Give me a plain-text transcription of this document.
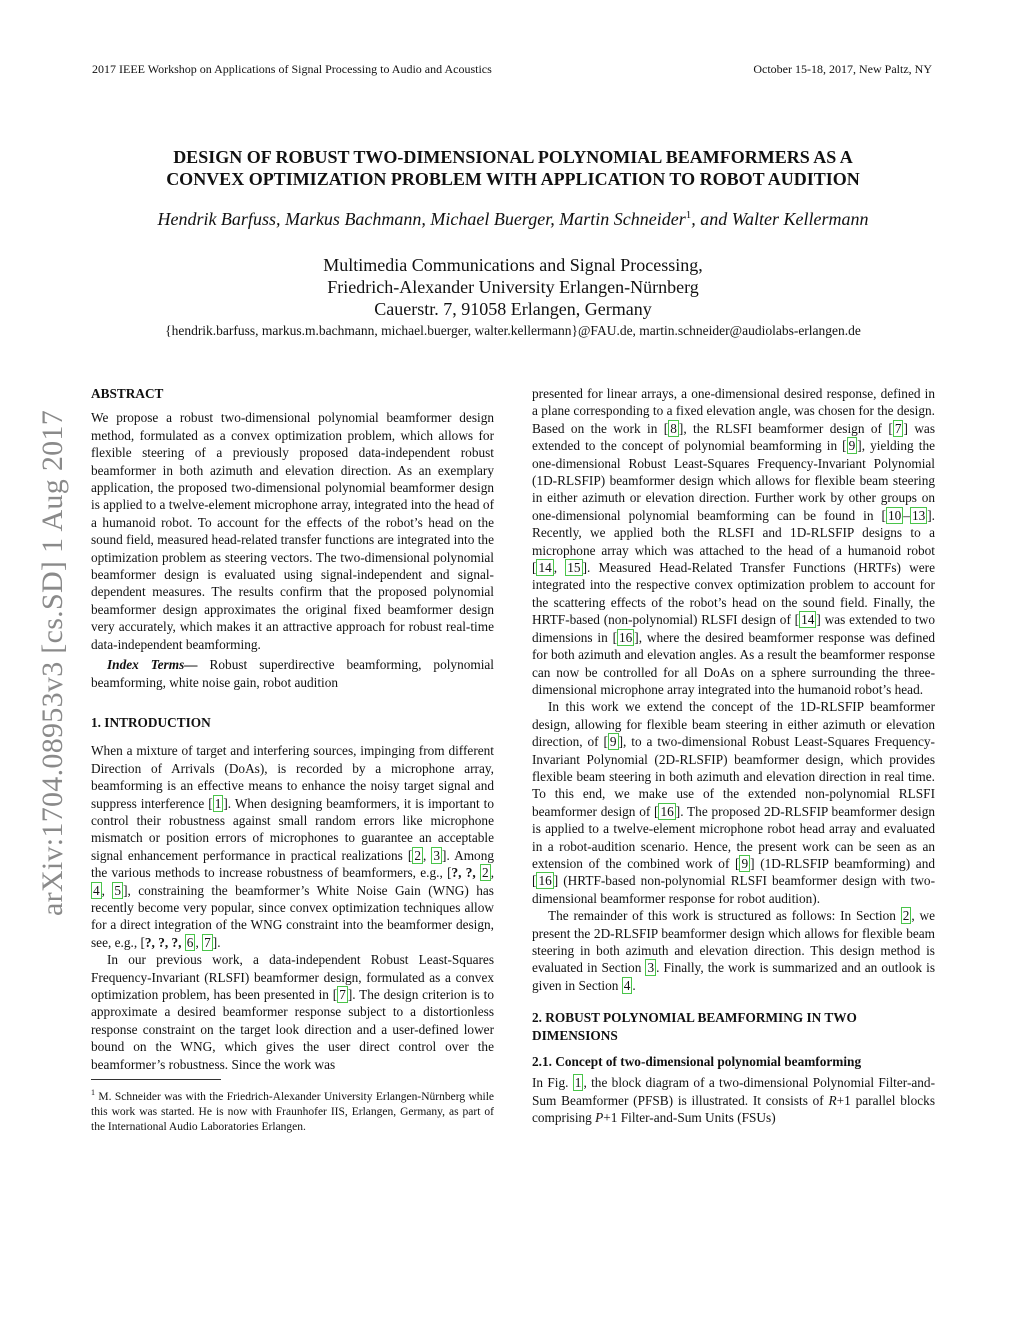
2017 IEEE Workshop on Applications of Signal Processing to Audio and Acoustics	October 15-18, 2017, New Paltz, NY
arXiv:1704.08953v3 [cs.SD] 1 Aug 2017
DESIGN OF ROBUST TWO-DIMENSIONAL POLYNOMIAL BEAMFORMERS AS A
CONVEX OPTIMIZATION PROBLEM WITH APPLICATION TO ROBOT AUDITION
Hendrik Barfuss, Markus Bachmann, Michael Buerger, Martin Schneider$^1$, and Walter Kellermann
Multimedia Communications and Signal Processing,
Friedrich-Alexander University Erlangen-Nürnberg
Cauerstr. 7, 91058 Erlangen, Germany
{hendrik.barfuss, markus.m.bachmann, michael.buerger, walter.kellermann}@FAU.de, martin.schneider@audiolabs-erlangen.de

ABSTRACT

We propose a robust two-dimensional polynomial beamformer design method, formulated as a convex optimization problem, which allows for flexible steering of a previously proposed data-independent robust beamformer in both azimuth and elevation direction. As an exemplary application, the proposed two-dimensional polynomial beamformer design is applied to a twelve-element microphone array, integrated into the head of a humanoid robot. To account for the effects of the robot’s head on the sound field, measured head-related transfer functions are integrated into the optimization problem as steering vectors. The two-dimensional polynomial beamformer design is evaluated using signal-independent and signal-dependent measures. The results confirm that the proposed polynomial beamformer design approximates the original fixed beamformer design very accurately, which makes it an attractive approach for robust real-time data-independent beamforming.

Index Terms— Robust superdirective beamforming, polynomial beamforming, white noise gain, robot audition

1. INTRODUCTION

When a mixture of target and interfering sources, impinging from different Direction of Arrivals (DoAs), is recorded by a microphone array, beamforming is an effective means to enhance the noisy target signal and suppress interference [ 1 ]. When designing beamformers, it is important to control their robustness against small random errors like microphone mismatch or position errors of microphones to guarantee an acceptable signal enhancement performance in practical realizations [ 2 , 3 ]. Among the various methods to increase robustness of beamformers, e.g., [?, ?, 2 , 4 , 5 ], constraining the beamformer’s White Noise Gain (WNG) has recently become very popular, since convex optimization techniques allow for a direct integration of the WNG constraint into the beamformer design, see, e.g., [?, ?, ?, 6 , 7 ].

In our previous work, a data-independent Robust Least-Squares Frequency-Invariant (RLSFI) beamformer design, formulated as a convex optimization problem, has been presented in [ 7 ]. The design criterion is to approximate a desired beamformer response subject to a distortionless response constraint on the target look direction and a user-defined lower bound on the WNG, which gives the user direct control over the beamformer’s robustness. Since the work was

$^1$ M. Schneider was with the Friedrich-Alexander University Erlangen-Nürnberg while this work was started. He is now with Fraunhofer IIS, Erlangen, Germany, as part of the International Audio Laboratories Erlangen.

presented for linear arrays, a one-dimensional desired response, defined in a plane corresponding to a fixed elevation angle, was chosen for the design. Based on the work in [ 8 ], the RLSFI beamformer design of [ 7 ] was extended to the concept of polynomial beamforming in [ 9 ], yielding the one-dimensional Robust Least-Squares Frequency-Invariant Polynomial (1D-RLSFIP) beamformer design which allows for flexible beam steering in either azimuth or elevation direction. Further work by other groups on one-dimensional polynomial beamforming can be found in [ 10 – 13 ]. Recently, we applied both the RLSFI and 1D-RLSFIP designs to a microphone array which was attached to the head of a humanoid robot [ 14 , 15 ]. Measured Head-Related Transfer Functions (HRTFs) were integrated into the respective convex optimization problem to account for the scattering effects of the robot’s head on the sound field. Finally, the HRTF-based (non-polynomial) RLSFI design of [ 14 ] was extended to two dimensions in [ 16 ], where the desired beamformer response was defined for both azimuth and elevation angles. As a result the beamformer response can now be controlled for all DoAs on a sphere surrounding the three-dimensional microphone array integrated into the humanoid robot’s head.

In this work we extend the concept of the 1D-RLSFIP beamformer design, allowing for flexible beam steering in either azimuth or elevation direction, of [ 9 ], to a two-dimensional Robust Least-Squares Frequency-Invariant Polynomial (2D-RLSFIP) beamformer design, which provides flexible beam steering in both azimuth and elevation direction in real time. To this end, we make use of the extended non-polynomial RLSFI beamformer design of [ 16 ]. The proposed 2D-RLSFIP beamformer design is applied to a twelve-element microphone robot head array and evaluated in a robot-audition scenario. Hence, the present work can be seen as an extension of the combined work of [ 9 ] (1D-RLSFIP beamforming) and [ 16 ] (HRTF-based non-polynomial RLSFI beamformer design with two-dimensional beamformer response for robot audition).

The remainder of this work is structured as follows: In Section 2 , we present the 2D-RLSFIP beamformer design which allows for flexible beam steering in both azimuth and elevation direction. This design method is evaluated in Section 3 . Finally, the work is summarized and an outlook is given in Section 4 .

2. ROBUST POLYNOMIAL BEAMFORMING IN TWO
DIMENSIONS

2.1. Concept of two-dimensional polynomial beamforming

In Fig. 1 , the block diagram of a two-dimensional Polynomial Filter-and-Sum Beamformer (PFSB) is illustrated. It consists of R+1 parallel blocks comprising P+1 Filter-and-Sum Units (FSUs)
